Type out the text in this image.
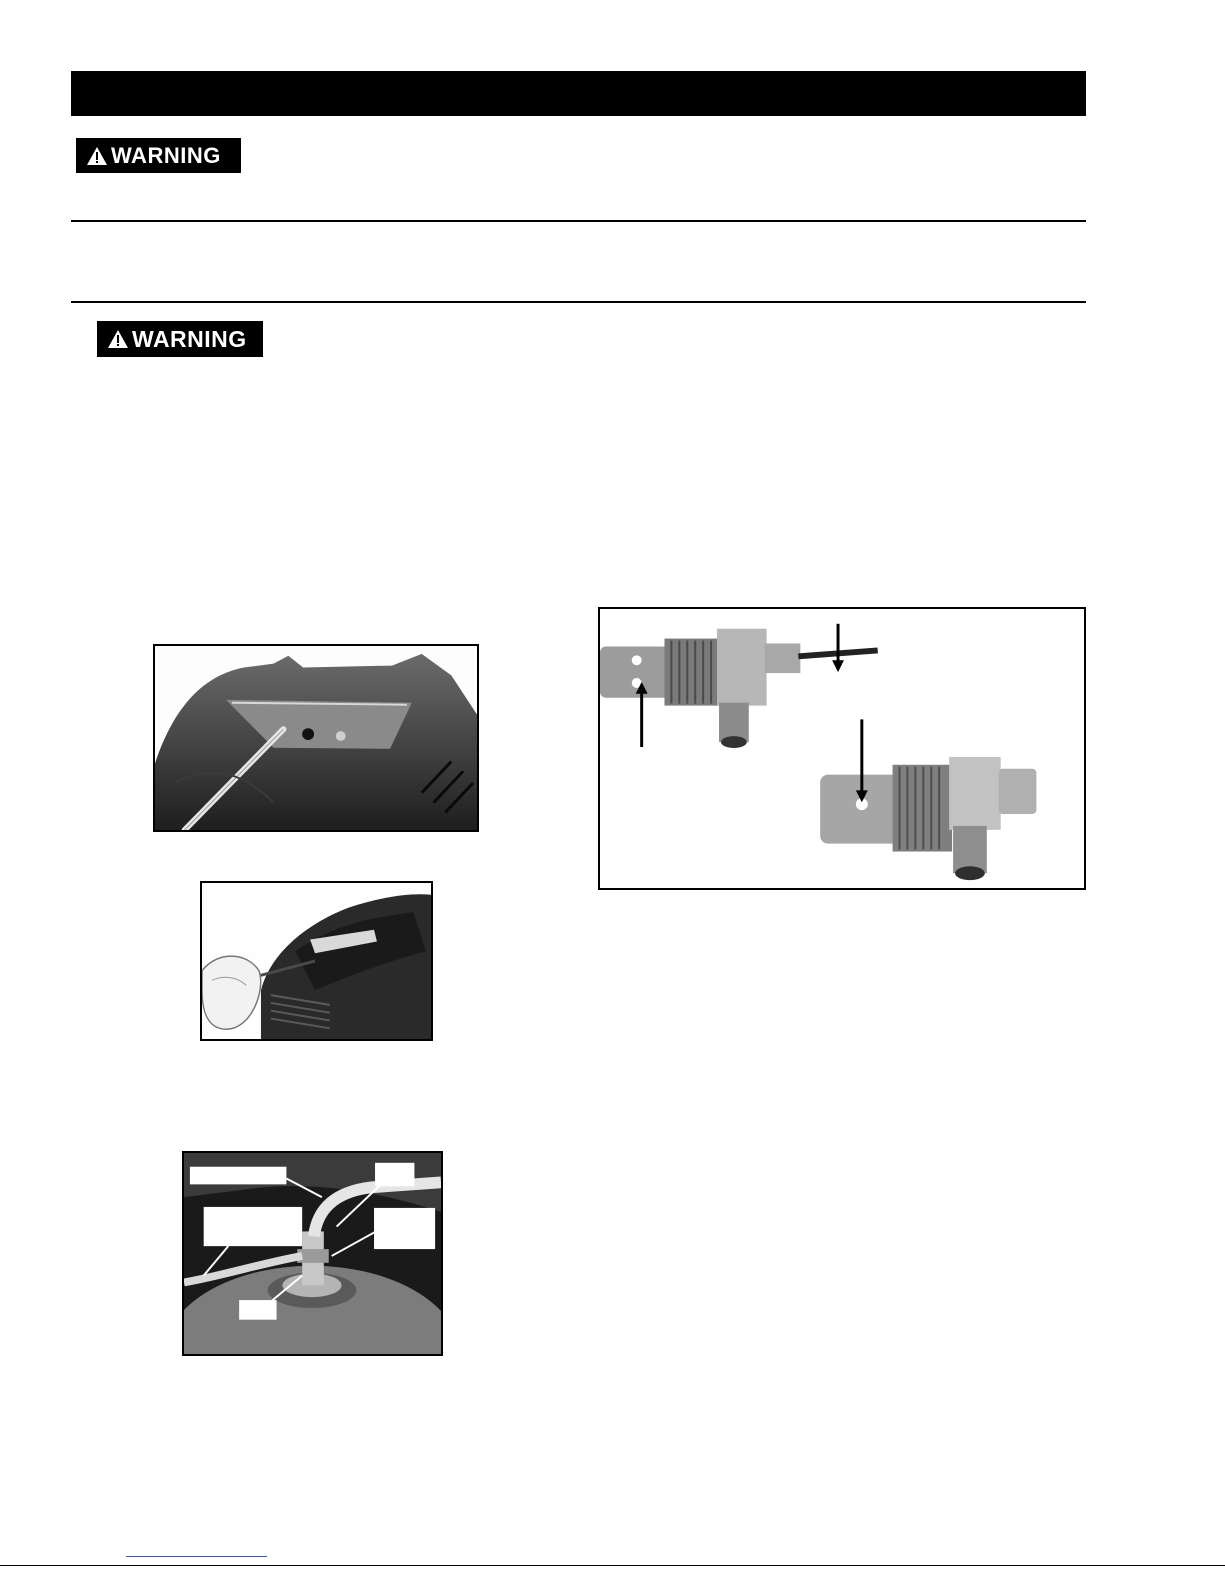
WARNING
WARNING
